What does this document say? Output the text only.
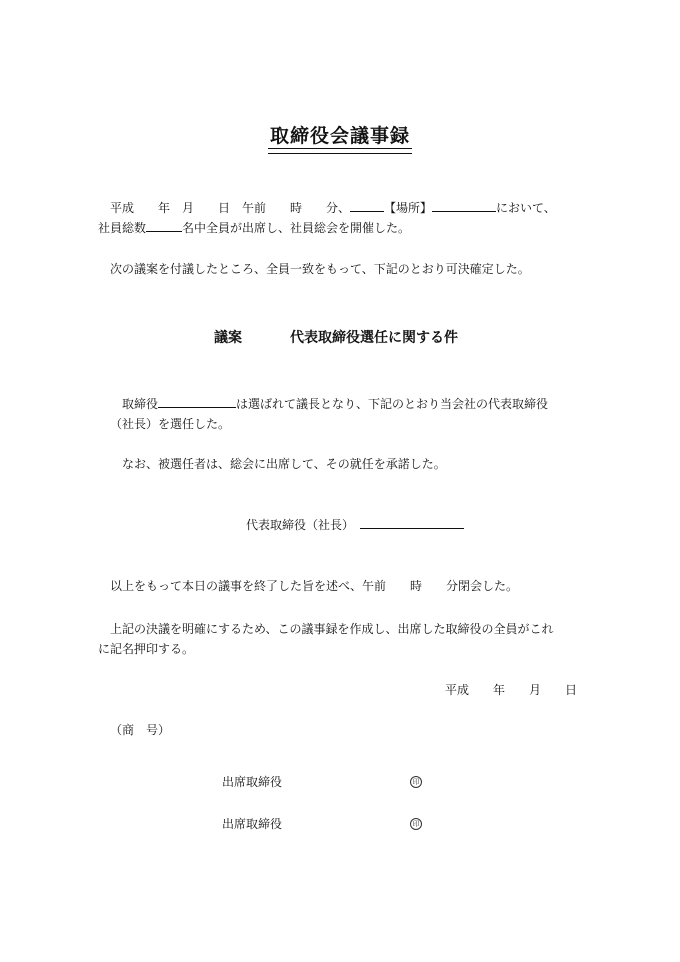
取締役会議事録
平成　　年　月　　日　午前　　時　　分、	【場所】	において、
社員総数	名中全員が出席し、社員総会を開催した。
次の議案を付議したところ、全員一致をもって、下記のとおり可決確定した。
議案	代表取締役選任に関する件
取締役	は選ばれて議長となり、下記のとおり当会社の代表取締役
（社長）を選任した。
なお、被選任者は、総会に出席して、その就任を承諾した。
代表取締役（社長）
以上をもって本日の議事を終了した旨を述べ、午前　　時　　分閉会した。
上記の決議を明確にするため、この議事録を作成し、出席した取締役の全員がこれ
に記名押印する。
平成　　年　　月　　日
（商　号）
出席取締役	印
出席取締役	印
